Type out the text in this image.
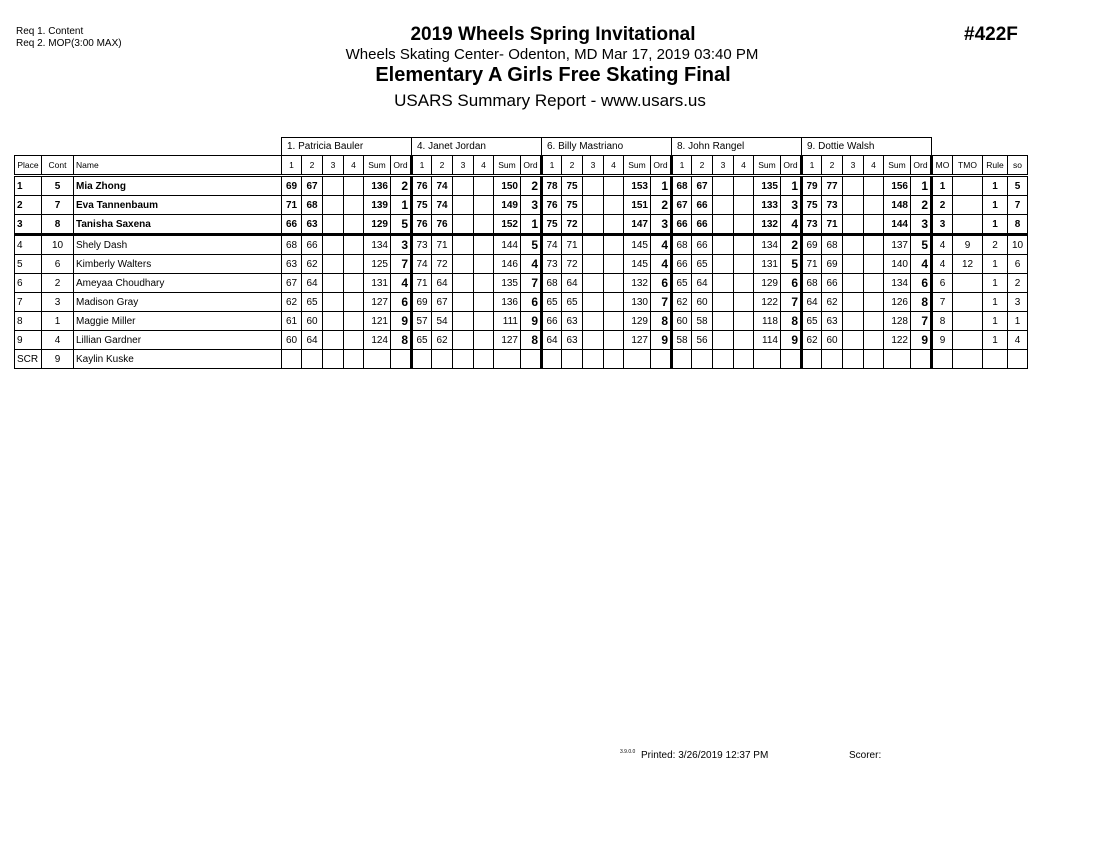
Req 1. Content
Req 2. MOP(3:00 MAX)	2019 Wheels Spring Invitational
Wheels Skating Center- Odenton, MD Mar 17, 2019 03:40 PM
Elementary A Girls Free Skating Final
USARS Summary Report - www.usars.us
#422F
			1. Patricia Bauler						4. Janet Jordan						6. Billy Mastriano						8. John Rangel						9. Dottie Walsh									
Place	Cont	Name	1	2	3	4	Sum	Ord	1	2	3	4	Sum	Ord	1	2	3	4	Sum	Ord	1	2	3	4	Sum	Ord	1	2	3	4	Sum	Ord	MO	TMO	Rule	so
1	5	Mia Zhong	69	67			136	2	76	74			150	2	78	75			153	1	68	67			135	1	79	77			156	1	1		1	5
2	7	Eva Tannenbaum	71	68			139	1	75	74			149	3	76	75			151	2	67	66			133	3	75	73			148	2	2		1	7
3	8	Tanisha Saxena	66	63			129	5	76	76			152	1	75	72			147	3	66	66			132	4	73	71			144	3	3		1	8
4	10	Shely Dash	68	66			134	3	73	71			144	5	74	71			145	4	68	66			134	2	69	68			137	5	4	9	2	10
5	6	Kimberly Walters	63	62			125	7	74	72			146	4	73	72			145	4	66	65			131	5	71	69			140	4	4	12	1	6
6	2	Ameyaa Choudhary	67	64			131	4	71	64			135	7	68	64			132	6	65	64			129	6	68	66			134	6	6		1	2
7	3	Madison Gray	62	65			127	6	69	67			136	6	65	65			130	7	62	60			122	7	64	62			126	8	7		1	3
8	1	Maggie Miller	61	60			121	9	57	54			111	9	66	63			129	8	60	58			118	8	65	63			128	7	8		1	1
9	4	Lillian Gardner	60	64			124	8	65	62			127	8	64	63			127	9	58	56			114	9	62	60			122	9	9		1	4
SCR	9	Kaylin Kuske																																		
3.9.0.0 Printed: 3/26/2019 12:37 PM	Scorer:
